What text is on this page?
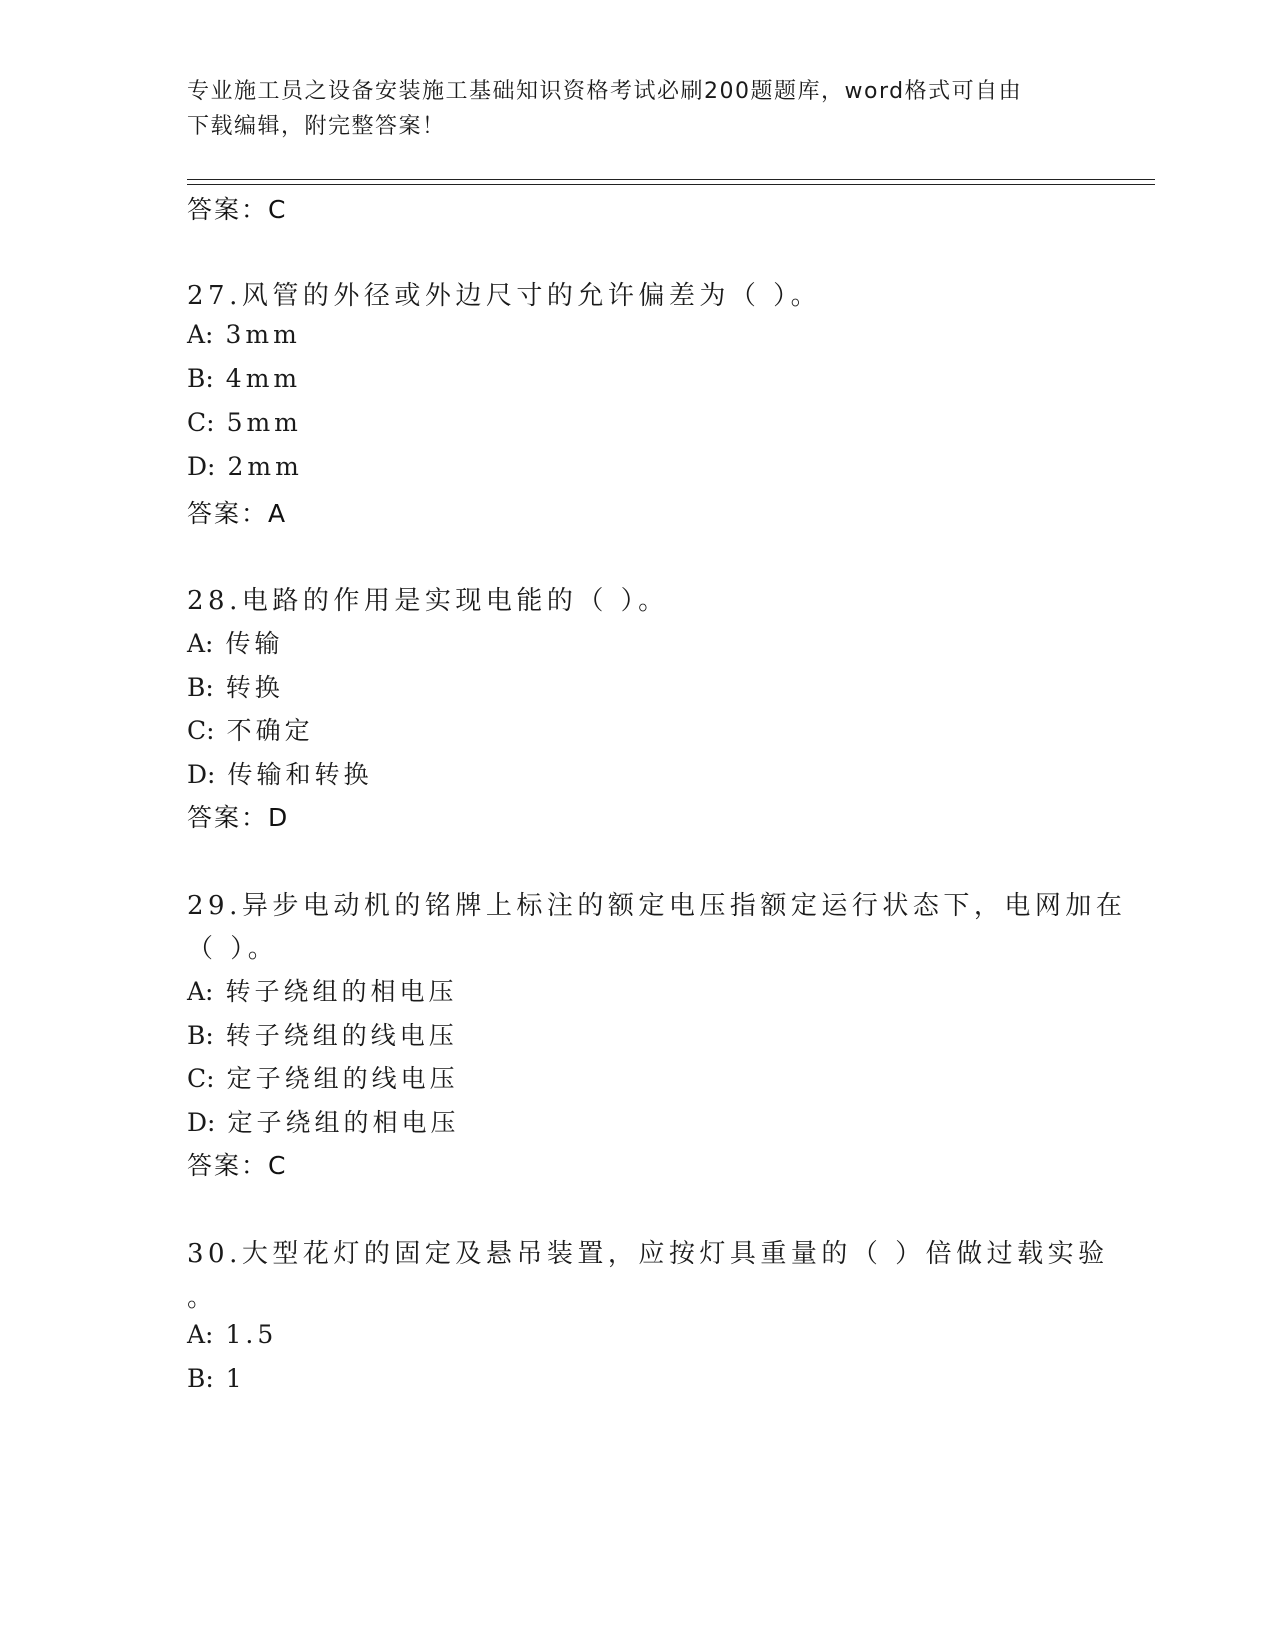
专业施工员之设备安装施工基础知识资格考试必刷200题题库，word格式可自由
下载编辑，附完整答案！
答案：C
27.风管的外径或外边尺寸的允许偏差为（ ）。
A: 3mm
B: 4mm
C: 5mm
D: 2mm
答案：A
28.电路的作用是实现电能的（ ）。
A: 传输
B: 转换
C: 不确定
D: 传输和转换
答案：D
29.异步电动机的铭牌上标注的额定电压指额定运行状态下，电网加在
（ ）。
A: 转子绕组的相电压
B: 转子绕组的线电压
C: 定子绕组的线电压
D: 定子绕组的相电压
答案：C
30.大型花灯的固定及悬吊装置，应按灯具重量的（ ）倍做过载实验
。
A: 1.5
B: 1
